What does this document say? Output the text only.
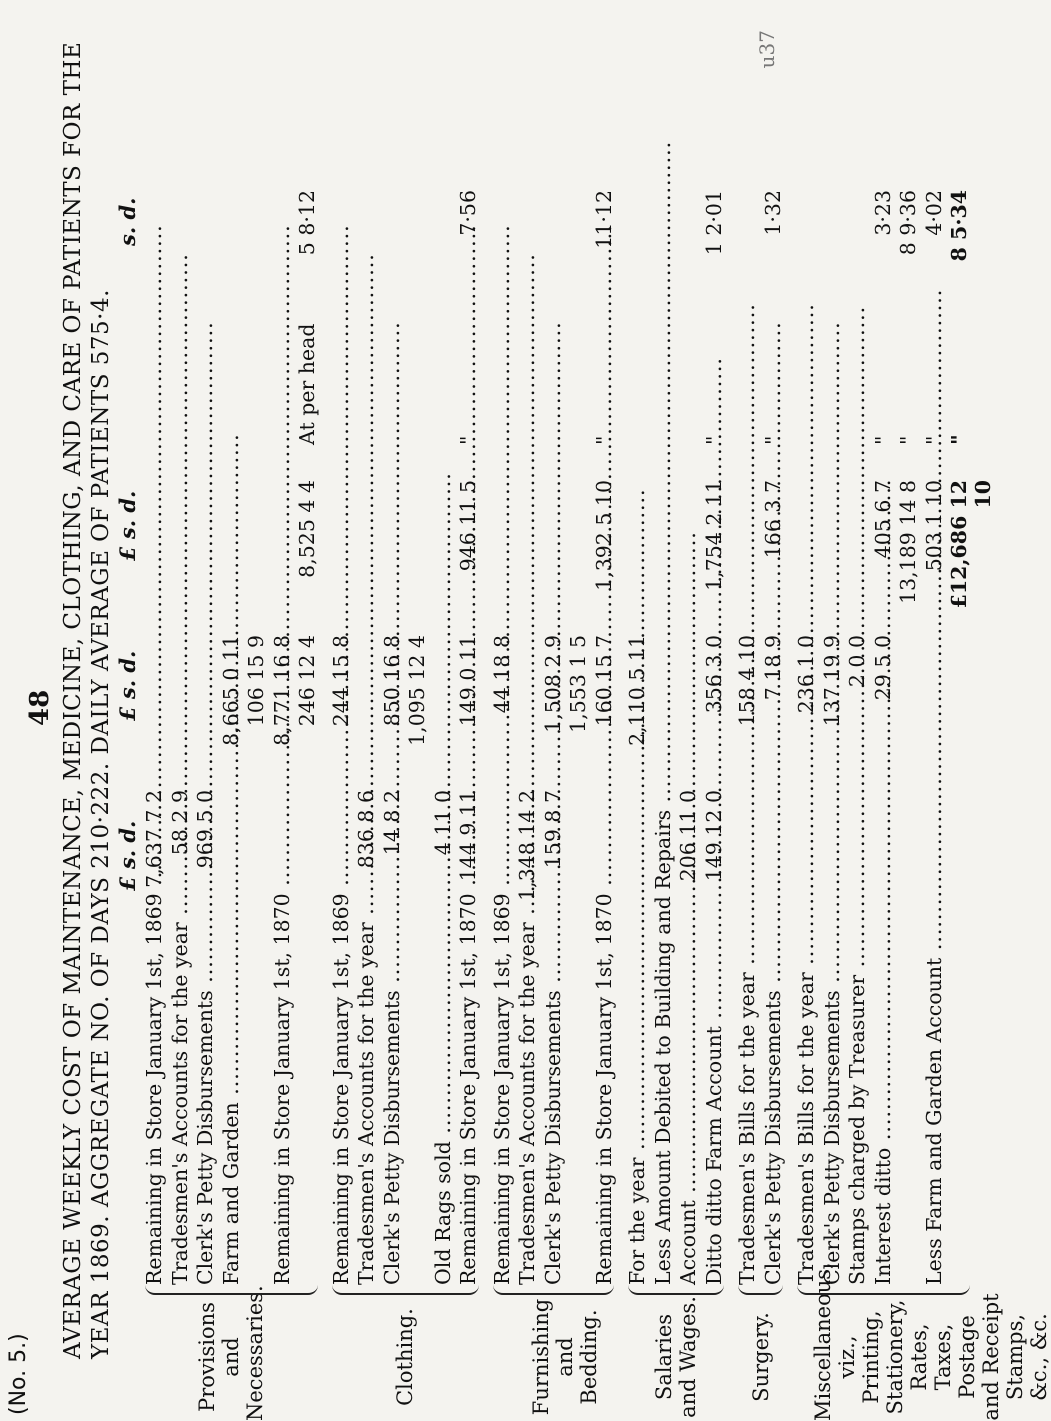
(No. 5.)
48 AVERAGE WEEKLY COST OF MAINTENANCE, MEDICINE, CLOTHING, AND CARE OF PATIENTS FOR THE YEAR 1869. AGGREGATE NO. OF DAYS 210·222. DAILY AVERAGE OF PATIENTS 575·4. £ s. d.
£ s. d.
£ s. d.
s. d.
Provisions and Necessaries.
Remaining in Store January 1st, 1869 .....
7,637 7 2
Tradesmen's Accounts for the year .....
58 2 9
Clerk's Petty Disbursements .....
969 5 0
Farm and Garden .....
8,665 0 11 106 15 9
Remaining in Store January 1st, 1870 .....
8,771 16 8 246 12 4
8,525 4 4
At per head
5 8·12
Clothing.
Remaining in Store January 1st, 1869 .....
244 15 8
Tradesmen's Accounts for the year .....
836 8 6
Clerk's Petty Disbursements .....
14 8 2
850 16 8 1,095 12 4
Old Rags sold .....
4 11 0
Remaining in Store January 1st, 1870 .....
144 9 11
149 0 11
946 11 5
"
7·56
Furnishing and Bedding.
Remaining in Store January 1st, 1869 .....
44 18 8
Tradesmen's Accounts for the year .....
1,348 14 2
Clerk's Petty Disbursements .....
159 8 7
1,508 2 9 1,553 1 5
Remaining in Store January 1st, 1870 .....
160 15 7
1,392 5 10
"
11·12
Salaries and Wages.
For the year .....
2,110 5 11
Less Amount Debited to Building and Repairs ..... Account .....
206 11 0
Ditto ditto Farm Account .....
149 12 0
356 3 0
1,754 2 11
"
1 2·01
Surgery.
Tradesmen's Bills for the year .....
158 4 10
Clerk's Petty Disbursements .....
7 18 9
166 3 7
"
1·32
Miscellaneous, viz., Printing, Stationery, Rates, Taxes, Postage and Receipt Stamps, &c., &c.
Tradesmen's Bills for the year .....
236 1 0
Clerk's Petty Disbursements .....
137 19 9
Stamps charged by Treasurer .....
2 0 0
Interest ditto .....
29 5 0
405 6 7
"
3·23
13,189 14 8
"
8 9·36
Less Farm and Garden Account .....
503 1 10
"
4·02
£12,686 12 10
"
8 5·34
u37
